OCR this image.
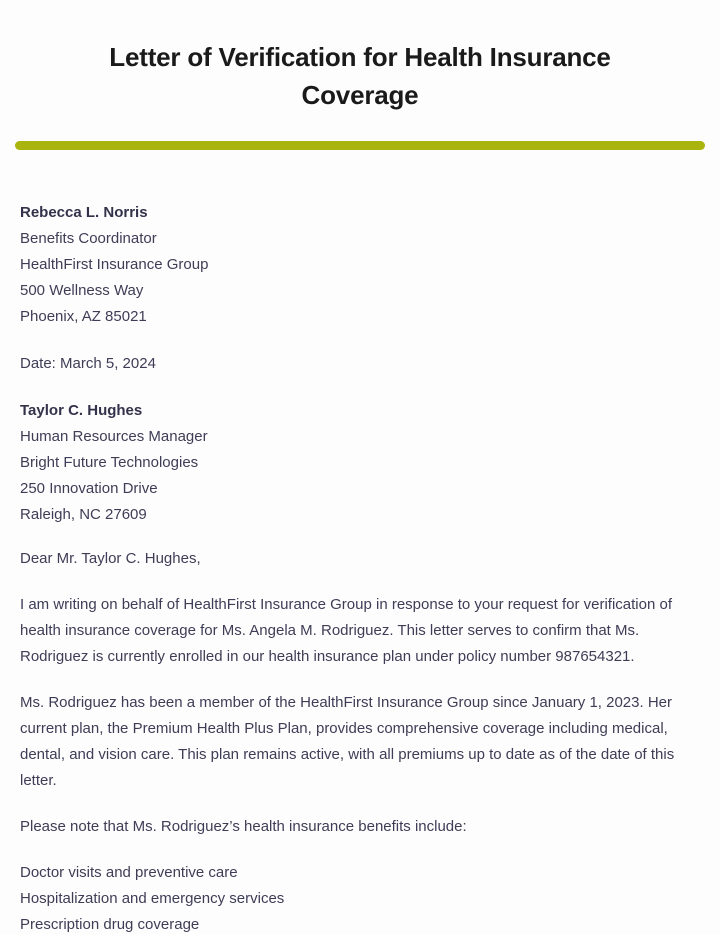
Letter of Verification for Health Insurance Coverage
Rebecca L. Norris
Benefits Coordinator
HealthFirst Insurance Group
500 Wellness Way
Phoenix, AZ 85021
Date: March 5, 2024
Taylor C. Hughes
Human Resources Manager
Bright Future Technologies
250 Innovation Drive
Raleigh, NC 27609
Dear Mr. Taylor C. Hughes,

I am writing on behalf of HealthFirst Insurance Group in response to your request for verification of health insurance coverage for Ms. Angela M. Rodriguez. This letter serves to confirm that Ms. Rodriguez is currently enrolled in our health insurance plan under policy number 987654321.

Ms. Rodriguez has been a member of the HealthFirst Insurance Group since January 1, 2023. Her current plan, the Premium Health Plus Plan, provides comprehensive coverage including medical, dental, and vision care. This plan remains active, with all premiums up to date as of the date of this letter.

Please note that Ms. Rodriguez’s health insurance benefits include:

Doctor visits and preventive care
Hospitalization and emergency services
Prescription drug coverage
